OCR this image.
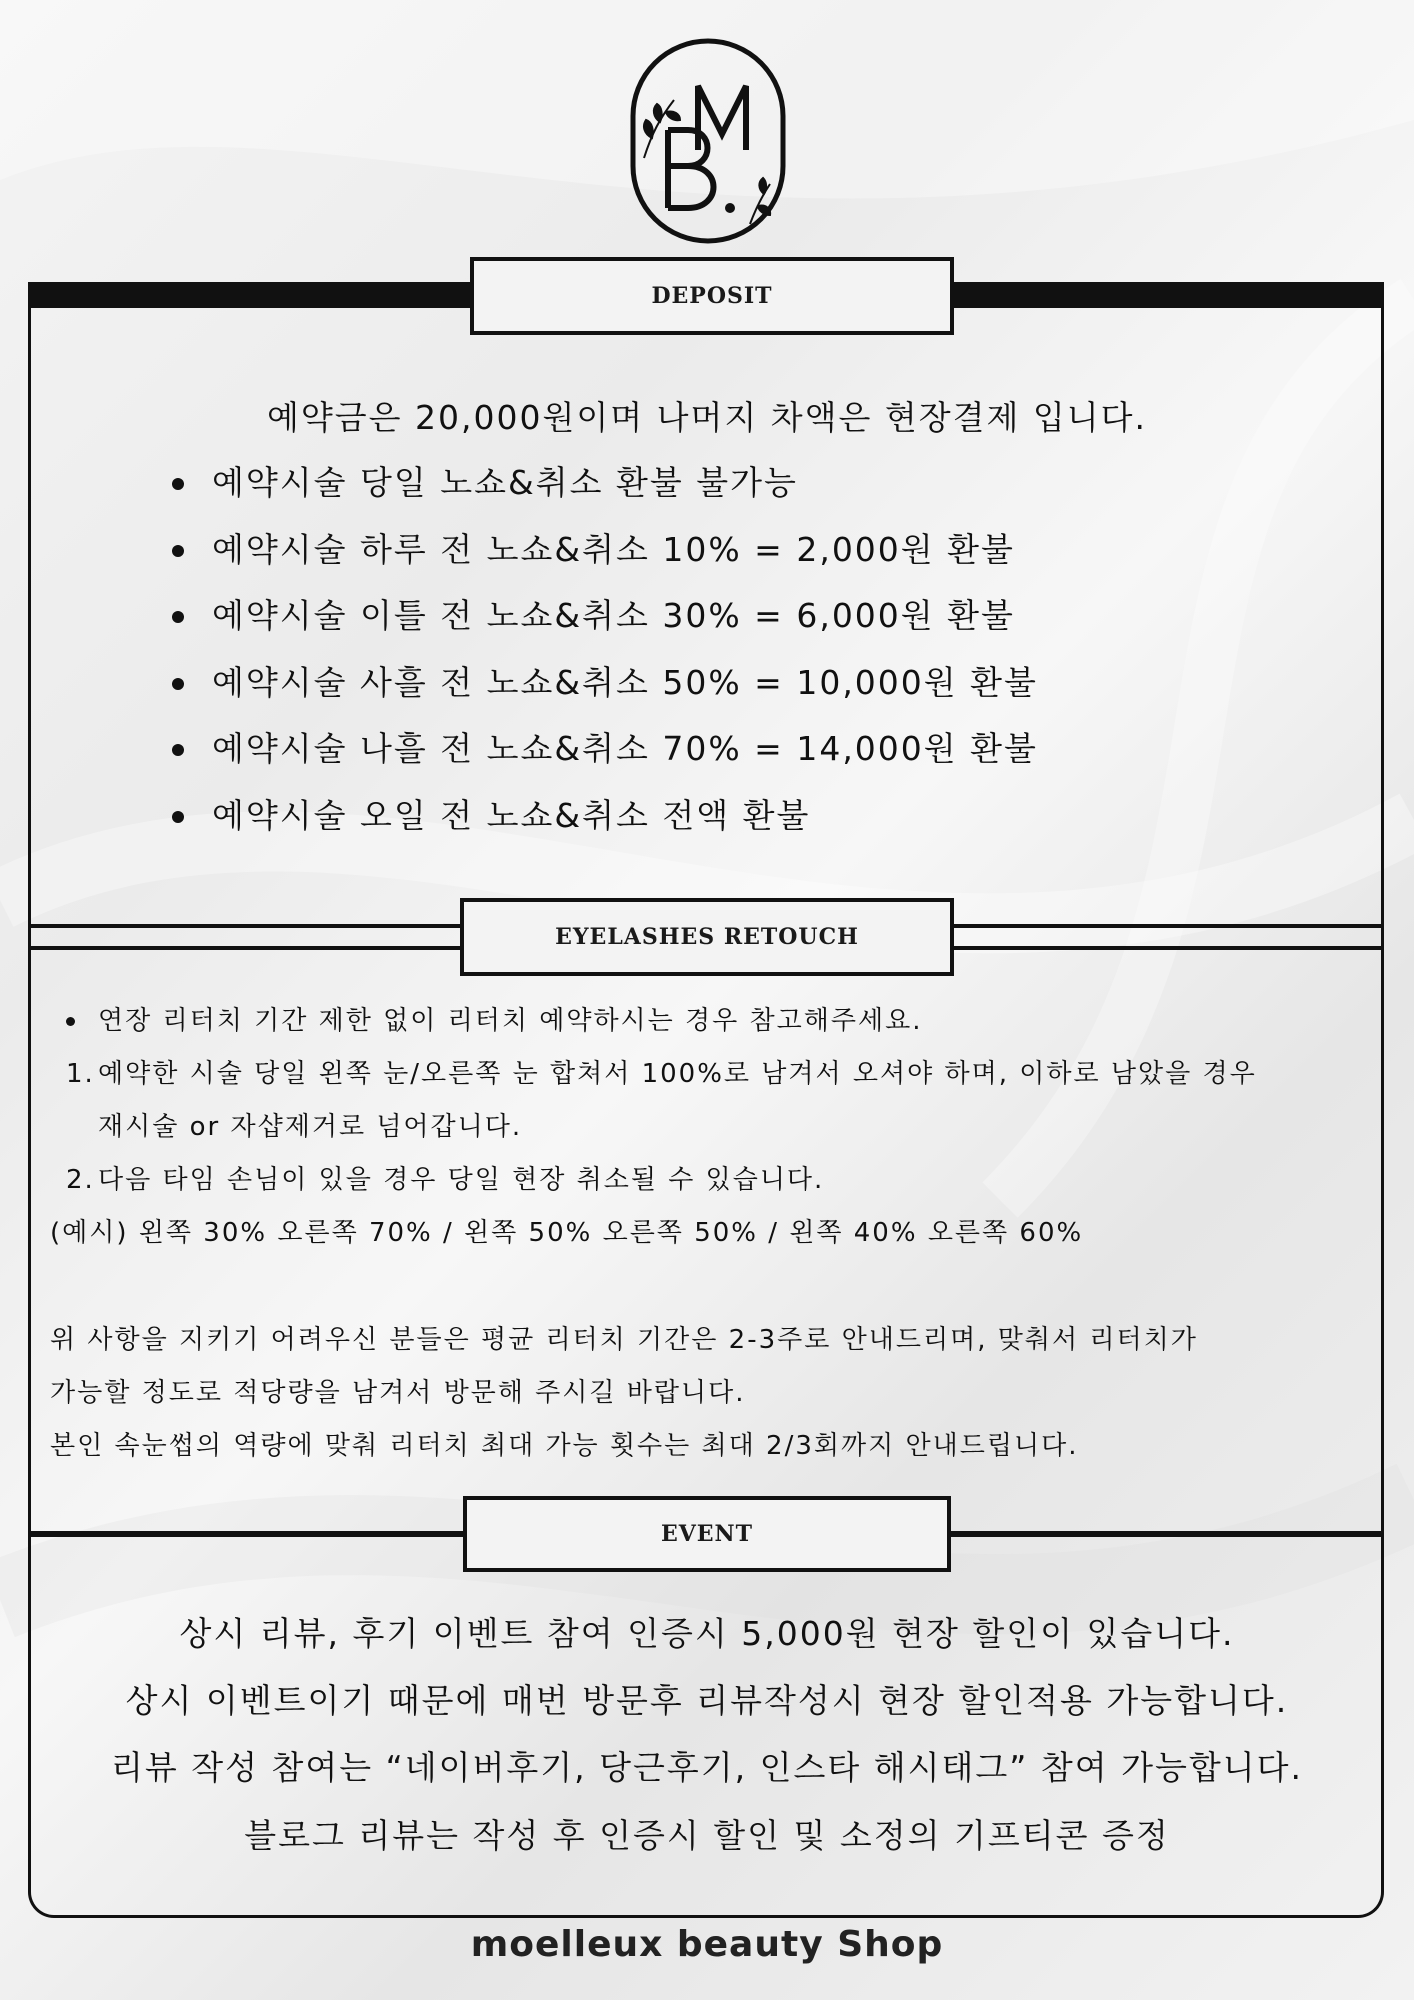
DEPOSIT
예약금은 20,000원이며 나머지 차액은 현장결제 입니다.
예약시술 당일 노쇼&취소 환불 불가능
예약시술 하루 전 노쇼&취소 10% = 2,000원 환불
예약시술 이틀 전 노쇼&취소 30% = 6,000원 환불
예약시술 사흘 전 노쇼&취소 50% = 10,000원 환불
예약시술 나흘 전 노쇼&취소 70% = 14,000원 환불
예약시술 오일 전 노쇼&취소 전액 환불
EYELASHES RETOUCH
연장 리터치 기간 제한 없이 리터치 예약하시는 경우 참고해주세요.
1. 예약한 시술 당일 왼쪽 눈/오른쪽 눈 합쳐서 100%로 남겨서 오셔야 하며, 이하로 남았을 경우
재시술 or 자샵제거로 넘어갑니다.
2. 다음 타임 손님이 있을 경우 당일 현장 취소될 수 있습니다.
(예시) 왼쪽 30% 오른쪽 70% / 왼쪽 50% 오른쪽 50% / 왼쪽 40% 오른쪽 60%
위 사항을 지키기 어려우신 분들은 평균 리터치 기간은 2-3주로 안내드리며, 맞춰서 리터치가
가능할 정도로 적당량을 남겨서 방문해 주시길 바랍니다.
본인 속눈썹의 역량에 맞춰 리터치 최대 가능 횟수는 최대 2/3회까지 안내드립니다.
EVENT
상시 리뷰, 후기 이벤트 참여 인증시 5,000원 현장 할인이 있습니다.
상시 이벤트이기 때문에 매번 방문후 리뷰작성시 현장 할인적용 가능합니다.
리뷰 작성 참여는 “네이버후기, 당근후기, 인스타 해시태그” 참여 가능합니다.
블로그 리뷰는 작성 후 인증시 할인 및 소정의 기프티콘 증정
moelleux beauty Shop
